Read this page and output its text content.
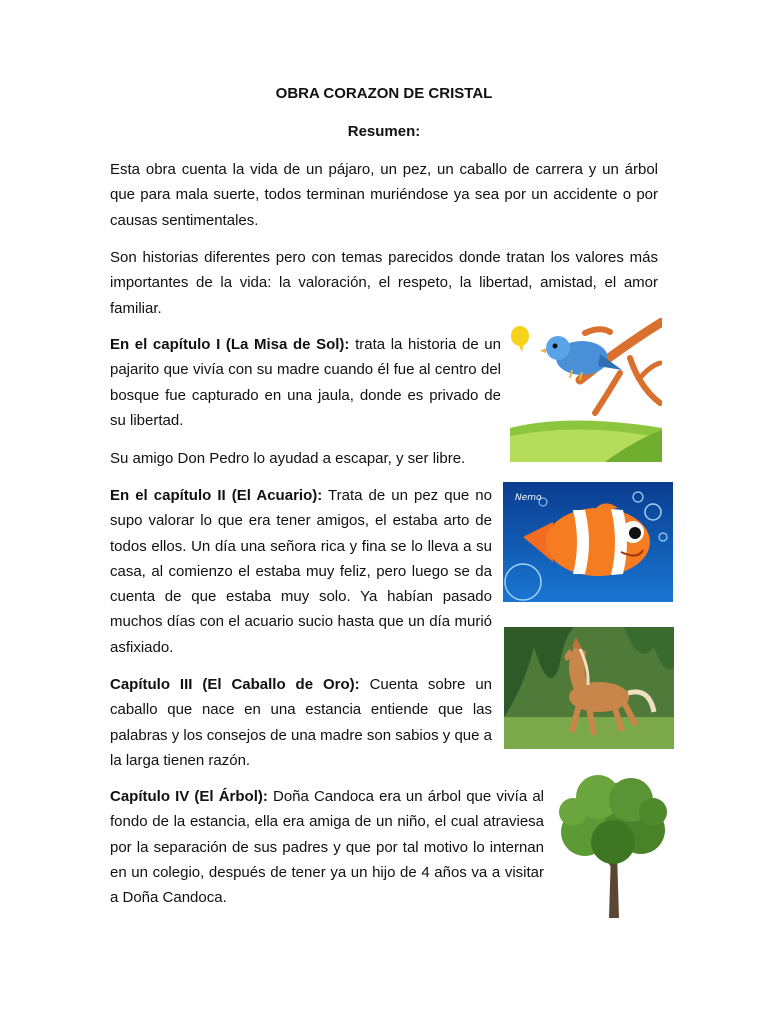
OBRA CORAZON DE CRISTAL
Resumen:

Esta obra cuenta la vida de un pájaro, un pez, un caballo de carrera y un árbol que para mala suerte, todos terminan muriéndose ya sea por un accidente o por causas sentimentales.

Son historias diferentes pero con temas parecidos donde tratan los valores más importantes de la vida: la valoración, el respeto, la libertad, amistad, el amor familiar.

En el capítulo I (La Misa de Sol): trata la historia de un pajarito que vivía con su madre cuando él fue al centro del bosque fue capturado en una jaula, donde es privado de su libertad.

Su amigo Don Pedro lo ayudad a escapar, y ser libre.

En el capítulo II (El Acuario): Trata de un pez que no supo valorar lo que era tener amigos, el estaba arto de todos ellos. Un día una señora rica y fina se lo lleva a su casa, al comienzo el estaba muy feliz, pero luego se da cuenta de que estaba muy solo. Ya habían pasado muchos días con el acuario sucio hasta que un día murió asfixiado.

Capítulo III (El Caballo de Oro): Cuenta sobre un caballo que nace en una estancia entiende que las palabras y los consejos de una madre son sabios y que a la larga tienen razón.

Capítulo IV (El Árbol): Doña Candoca era un árbol que vivía al fondo de la estancia, ella era amiga de un niño, el cual atraviesa por la separación de sus padres y que por tal motivo lo internan en un colegio, después de tener ya un hijo de 4 años va a visitar a Doña Candoca.

Nemo
